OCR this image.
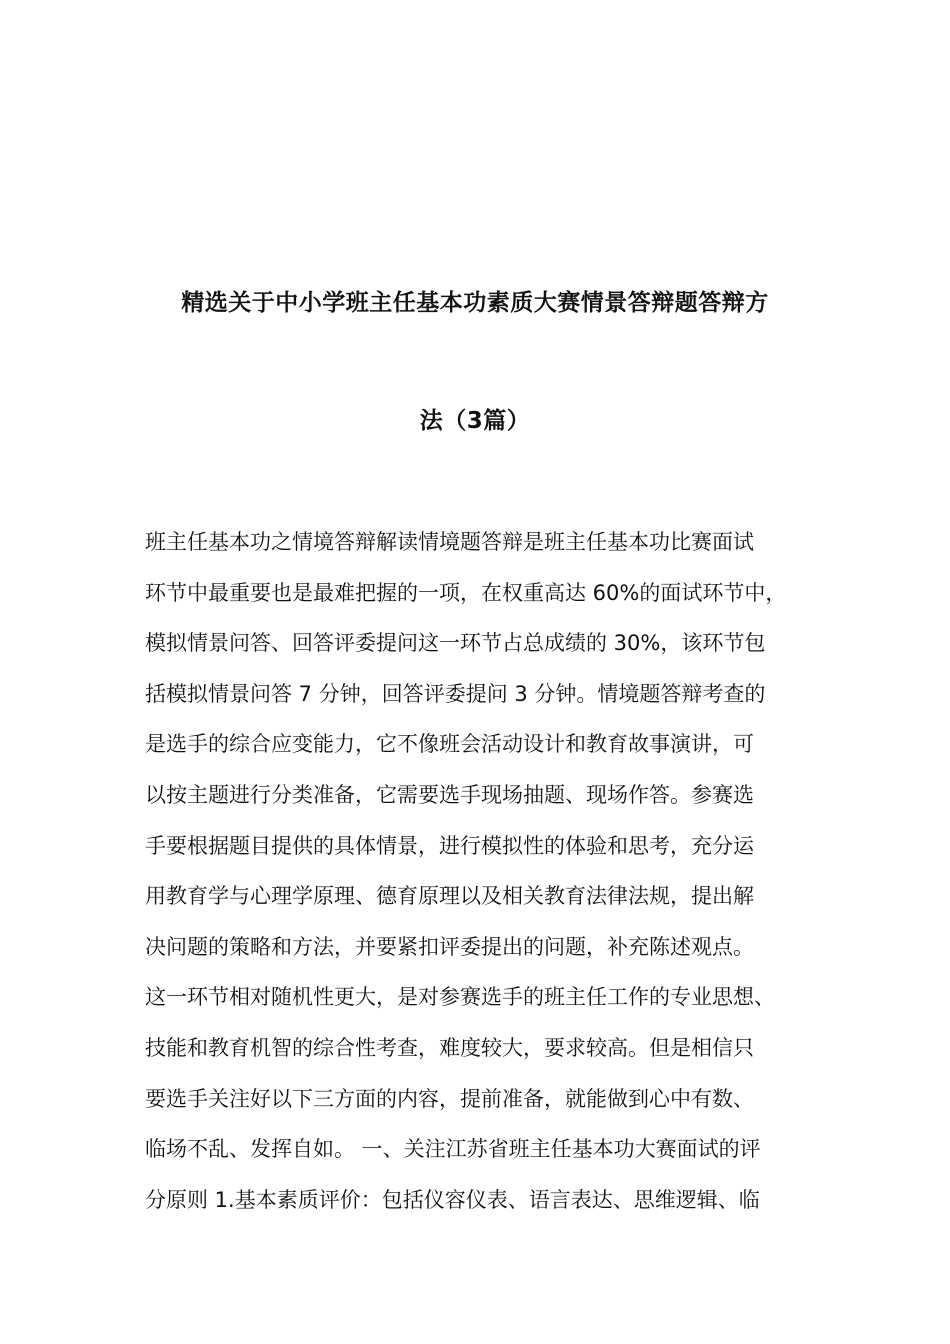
精选关于中小学班主任基本功素质大赛情景答辩题答辩方
法（3篇）
班主任基本功之情境答辩解读情境题答辩是班主任基本功比赛面试
环节中最重要也是最难把握的一项，在权重高达 60%的面试环节中，
模拟情景问答、回答评委提问这一环节占总成绩的 30%，该环节包
括模拟情景问答 7 分钟，回答评委提问 3 分钟。情境题答辩考查的
是选手的综合应变能力，它不像班会活动设计和教育故事演讲，可
以按主题进行分类准备，它需要选手现场抽题、现场作答。参赛选
手要根据题目提供的具体情景，进行模拟性的体验和思考，充分运
用教育学与心理学原理、德育原理以及相关教育法律法规，提出解
决问题的策略和方法，并要紧扣评委提出的问题，补充陈述观点。
这一环节相对随机性更大，是对参赛选手的班主任工作的专业思想、
技能和教育机智的综合性考查，难度较大，要求较高。但是相信只
要选手关注好以下三方面的内容，提前准备，就能做到心中有数、
临场不乱、发挥自如。 一、关注江苏省班主任基本功大赛面试的评
分原则 1.基本素质评价：包括仪容仪表、语言表达、思维逻辑、临
